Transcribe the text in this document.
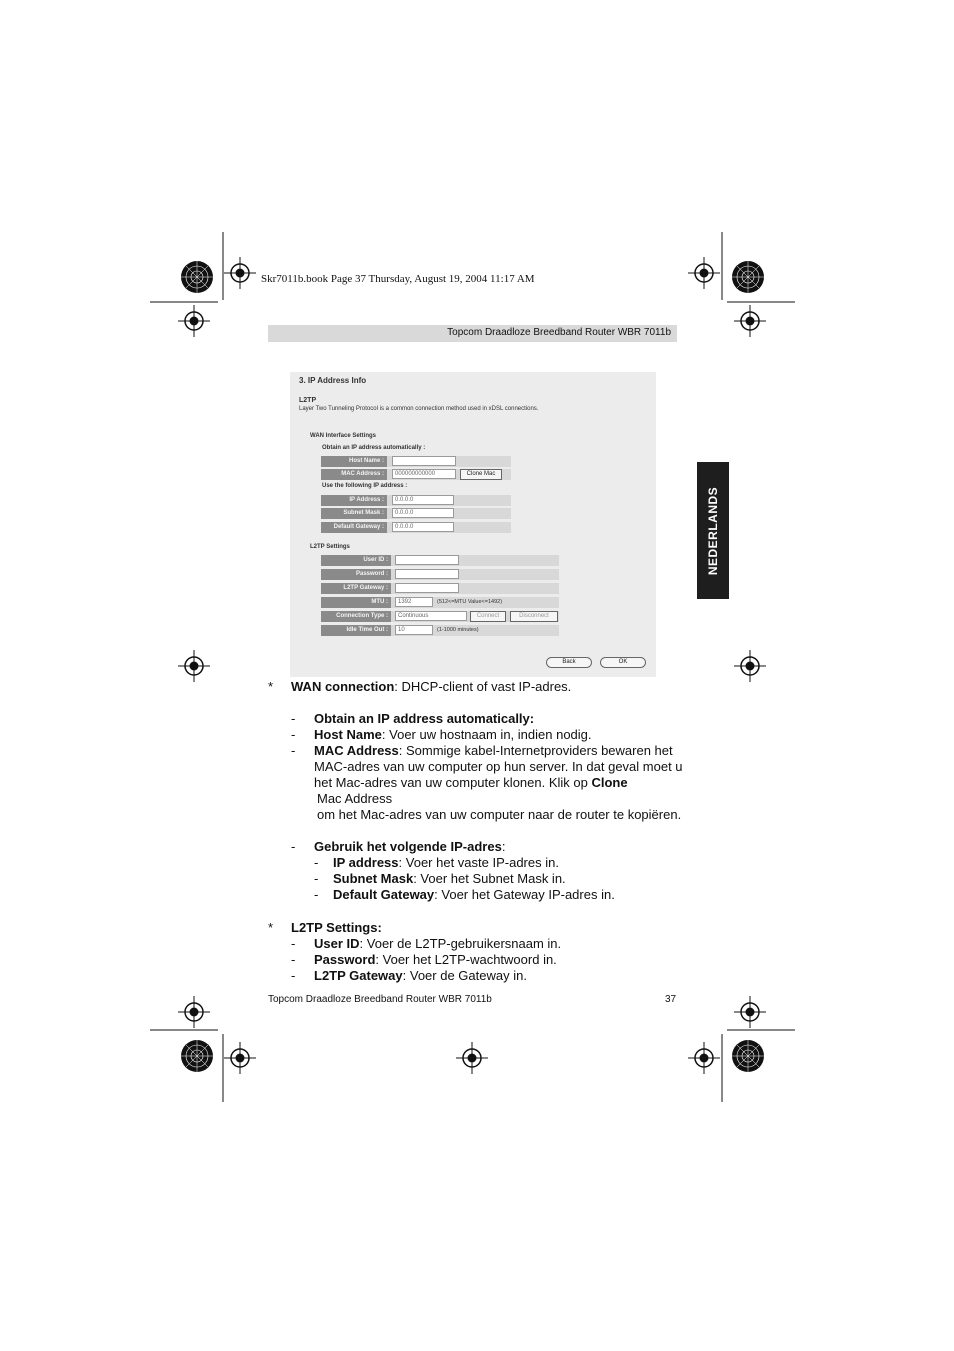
Skr7011b.book Page 37 Thursday, August 19, 2004 11:17 AM
Topcom Draadloze Breedband Router WBR 7011b
NEDERLANDS
3. IP Address Info
L2TP
Layer Two Tunneling Protocol is a common connection method used in xDSL connections.
WAN Interface Settings
Obtain an IP address automatically :
Host Name :
MAC Address :	000000000000	Clone Mac
Use the following IP address :
IP Address :	0.0.0.0
Subnet Mask :	0.0.0.0
Default Gateway :	0.0.0.0
L2TP Settings
User ID :
Password :
L2TP Gateway :
MTU :	1392	(512<=MTU Value<=1492)
Connection Type :	Continuous	Connect	Disconnect
Idle Time Out :	10	(1-1000 minutes)
Back	OK
* WAN connection: DHCP-client of vast IP-adres.
- Obtain an IP address automatically:
- Host Name: Voer uw hostnaam in, indien nodig.
- MAC Address: Sommige kabel-Internetproviders bewaren het
MAC-adres van uw computer op hun server. In dat geval moet u
het Mac-adres van uw computer klonen. Klik op Clone
Mac Address
om het Mac-adres van uw computer naar de router te kopiëren.
- Gebruik het volgende IP-adres:
- IP address: Voer het vaste IP-adres in.
- Subnet Mask: Voer het Subnet Mask in.
- Default Gateway: Voer het Gateway IP-adres in.
* L2TP Settings:
- User ID: Voer de L2TP-gebruikersnaam in.
- Password: Voer het L2TP-wachtwoord in.
- L2TP Gateway: Voer de Gateway in.
Topcom Draadloze Breedband Router WBR 7011b	37
